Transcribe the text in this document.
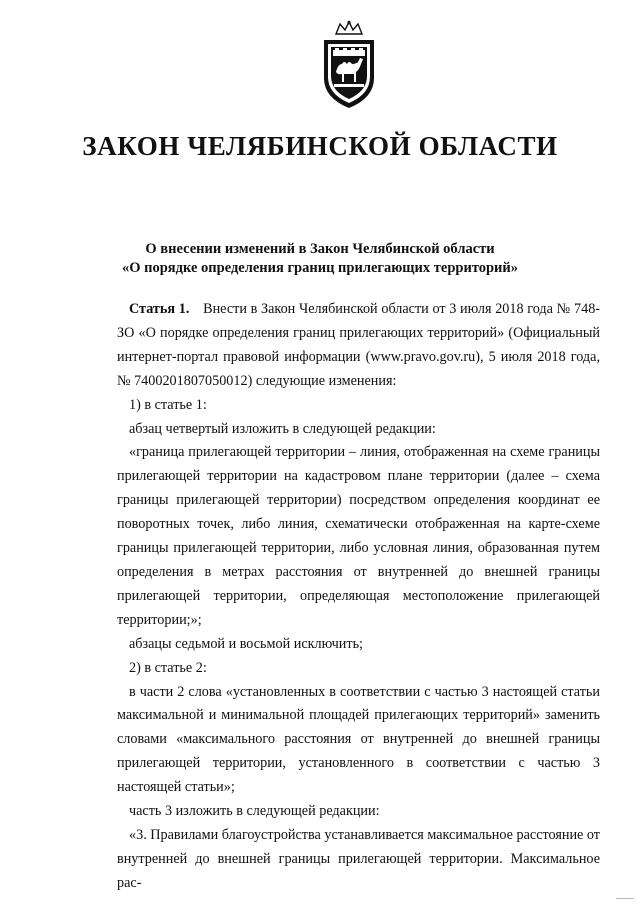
ЗАКОН ЧЕЛЯБИНСКОЙ ОБЛАСТИ
О внесении изменений в Закон Челябинской области
«О порядке определения границ прилегающих территорий»

Статья 1. Внести в Закон Челябинской области от 3 июля 2018 года № 748-ЗО «О порядке определения границ прилегающих территорий» (Официальный интернет-портал правовой информации (www.pravo.gov.ru), 5 июля 2018 года, № 7400201807050012) следующие изменения:

1) в статье 1:

абзац четвертый изложить в следующей редакции:

«граница прилегающей территории – линия, отображенная на схеме границы прилегающей территории на кадастровом плане территории (далее – схема границы прилегающей территории) посредством определения координат ее поворотных точек, либо линия, схематически отображенная на карте-схеме границы прилегающей территории, либо условная линия, образованная путем определения в метрах расстояния от внутренней до внешней границы прилегающей территории, определяющая местоположение прилегающей территории;»;

абзацы седьмой и восьмой исключить;

2) в статье 2:

в части 2 слова «установленных в соответствии с частью 3 настоящей статьи максимальной и минимальной площадей прилегающих территорий» заменить словами «максимального расстояния от внутренней до внешней границы прилегающей территории, установленного в соответствии с частью 3 настоящей статьи»;

часть 3 изложить в следующей редакции:

«3. Правилами благоустройства устанавливается максимальное расстояние от внутренней до внешней границы прилегающей территории. Максимальное рас-
